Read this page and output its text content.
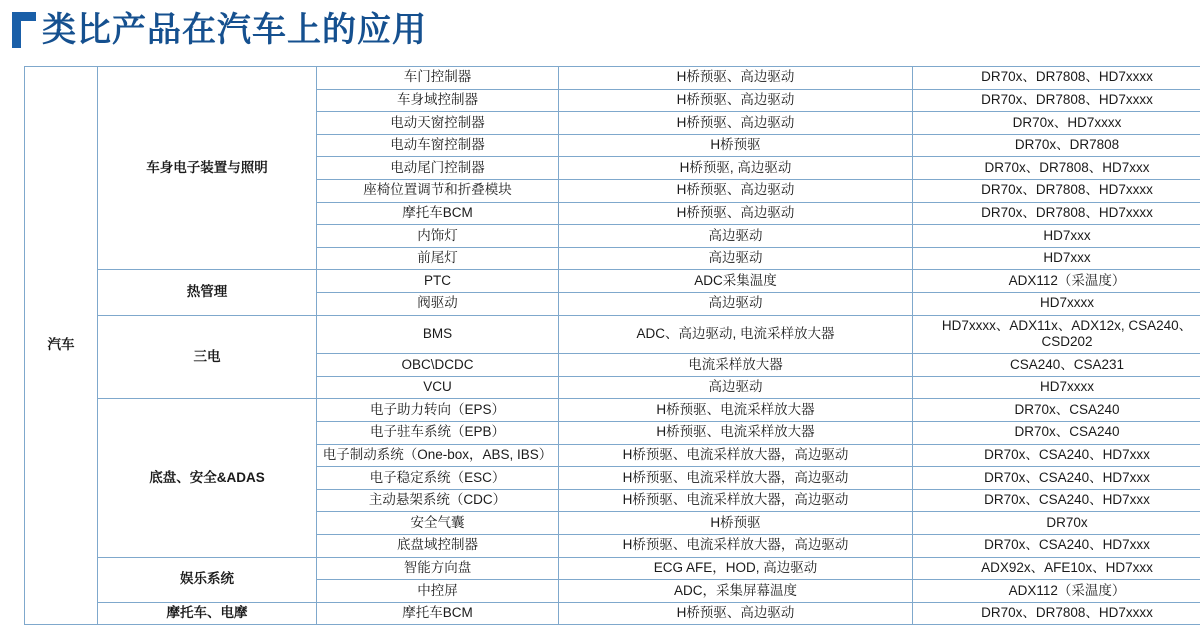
类比产品在汽车上的应用
汽车	车身电子装置与照明	车门控制器	H桥预驱、高边驱动	DR70x、DR7808、HD7xxxx
		车身域控制器	H桥预驱、高边驱动	DR70x、DR7808、HD7xxxx
		电动天窗控制器	H桥预驱、高边驱动	DR70x、HD7xxxx
		电动车窗控制器	H桥预驱	DR70x、DR7808
		电动尾门控制器	H桥预驱, 高边驱动	DR70x、DR7808、HD7xxx
		座椅位置调节和折叠模块	H桥预驱、高边驱动	DR70x、DR7808、HD7xxxx
		摩托车BCM	H桥预驱、高边驱动	DR70x、DR7808、HD7xxxx
		内饰灯	高边驱动	HD7xxx
		前尾灯	高边驱动	HD7xxx
	热管理	PTC	ADC采集温度	ADX112（采温度）
		阀驱动	高边驱动	HD7xxxx
	三电	BMS	ADC、高边驱动, 电流采样放大器	HD7xxxx、ADX11x、ADX12x, CSA240、CSD202
		OBC\DCDC	电流采样放大器	CSA240、CSA231
		VCU	高边驱动	HD7xxxx
	底盘、安全&ADAS	电子助力转向（EPS）	H桥预驱、电流采样放大器	DR70x、CSA240
		电子驻车系统（EPB）	H桥预驱、电流采样放大器	DR70x、CSA240
		电子制动系统（One-box，ABS, IBS）	H桥预驱、电流采样放大器，高边驱动	DR70x、CSA240、HD7xxx
		电子稳定系统（ESC）	H桥预驱、电流采样放大器，高边驱动	DR70x、CSA240、HD7xxx
		主动悬架系统（CDC）	H桥预驱、电流采样放大器，高边驱动	DR70x、CSA240、HD7xxx
		安全气囊	H桥预驱	DR70x
		底盘域控制器	H桥预驱、电流采样放大器，高边驱动	DR70x、CSA240、HD7xxx
	娱乐系统	智能方向盘	ECG AFE，HOD, 高边驱动	ADX92x、AFE10x、HD7xxx
		中控屏	ADC，采集屏幕温度	ADX112（采温度）
	摩托车、电摩	摩托车BCM	H桥预驱、高边驱动	DR70x、DR7808、HD7xxxx
